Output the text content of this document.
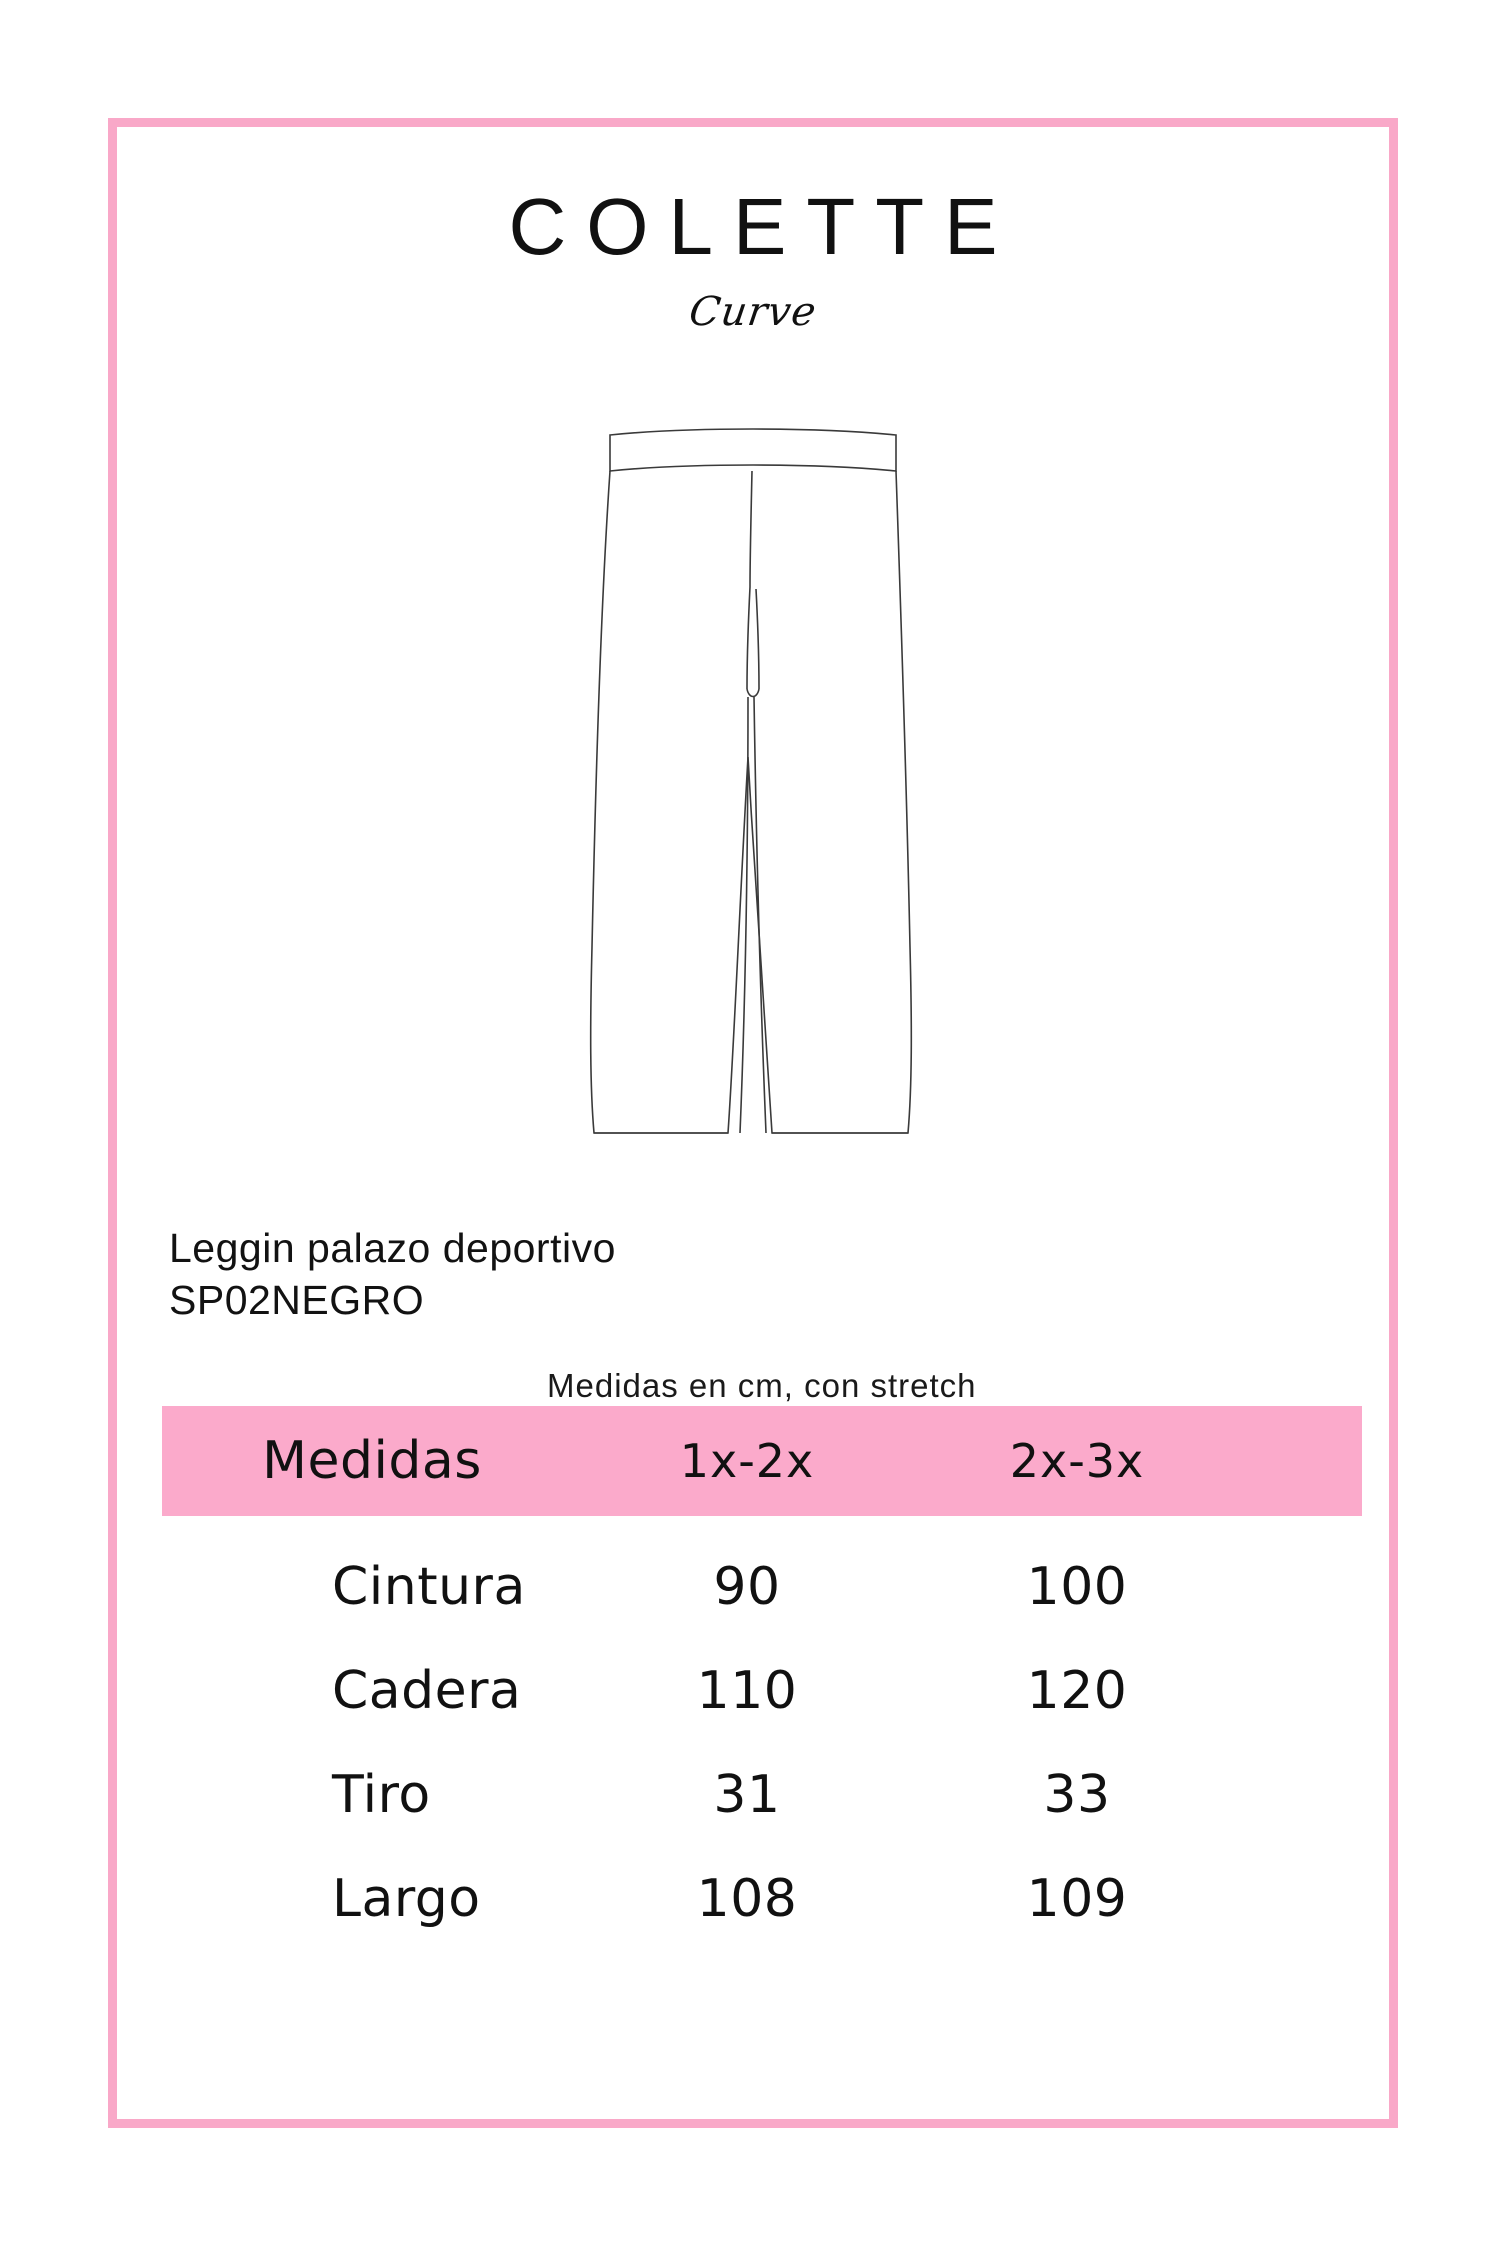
COLETTE
Curve
Leggin palazo deportivo
SP02NEGRO
Medidas en cm, con stretch
Medidas	1x-2x	2x-3x
Cintura	90	100
Cadera	110	120
Tiro	31	33
Largo	108	109
